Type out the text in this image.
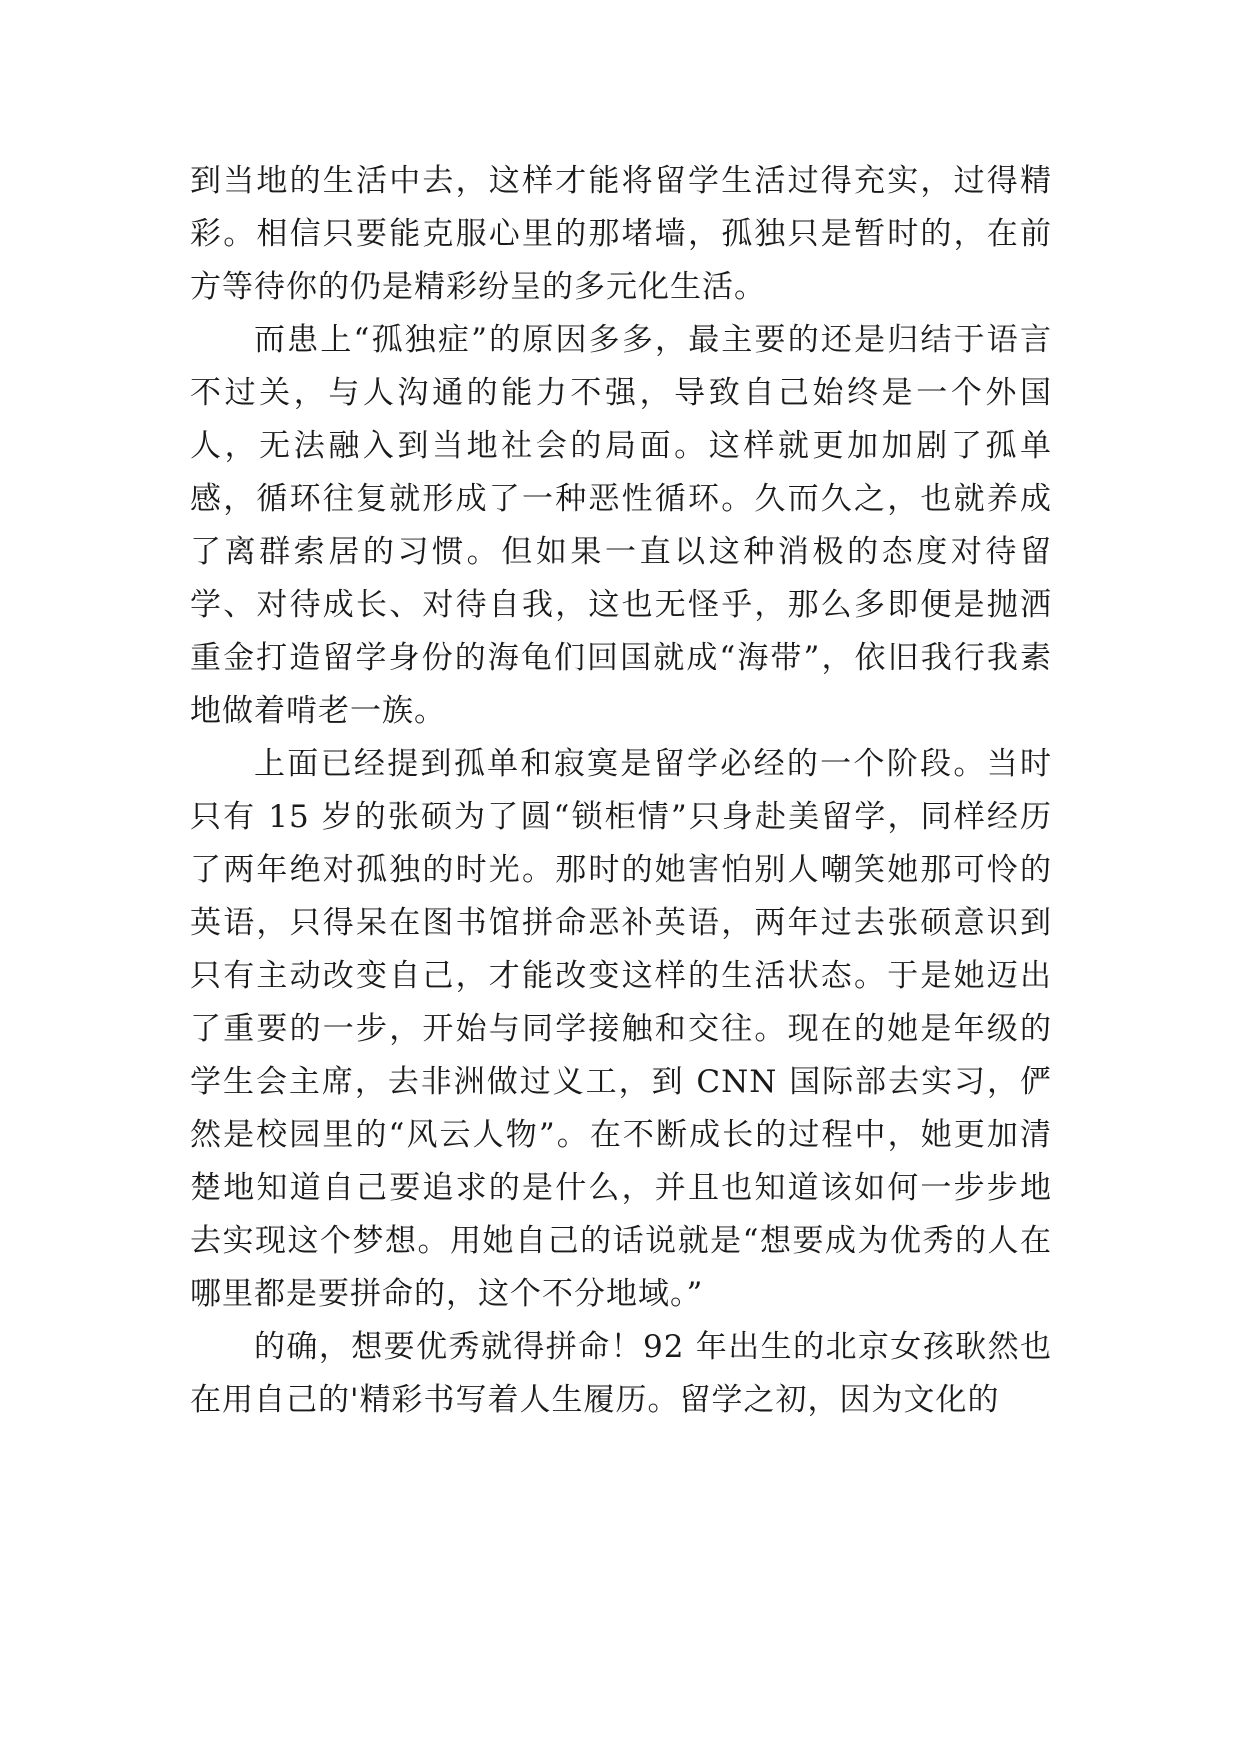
到当地的生活中去，这样才能将留学生活过得充实，过得精彩。相信只要能克服心里的那堵墙，孤独只是暂时的，在前方等待你的仍是精彩纷呈的多元化生活。

而患上“孤独症”的原因多多，最主要的还是归结于语言不过关，与人沟通的能力不强，导致自己始终是一个外国人，无法融入到当地社会的局面。这样就更加加剧了孤单感，循环往复就形成了一种恶性循环。久而久之，也就养成了离群索居的习惯。但如果一直以这种消极的态度对待留学、对待成长、对待自我，这也无怪乎，那么多即便是抛洒重金打造留学身份的海龟们回国就成“海带”，依旧我行我素地做着啃老一族。

上面已经提到孤单和寂寞是留学必经的一个阶段。当时只有 15 岁的张硕为了圆“锁柜情”只身赴美留学，同样经历了两年绝对孤独的时光。那时的她害怕别人嘲笑她那可怜的英语，只得呆在图书馆拼命恶补英语，两年过去张硕意识到只有主动改变自己，才能改变这样的生活状态。于是她迈出了重要的一步，开始与同学接触和交往。现在的她是年级的学生会主席，去非洲做过义工，到 CNN 国际部去实习，俨然是校园里的“风云人物”。在不断成长的过程中，她更加清楚地知道自己要追求的是什么，并且也知道该如何一步步地去实现这个梦想。用她自己的话说就是“想要成为优秀的人在哪里都是要拼命的，这个不分地域。”

的确，想要优秀就得拼命！92 年出生的北京女孩耿然也在用自己的'精彩书写着人生履历。留学之初，因为文化的
